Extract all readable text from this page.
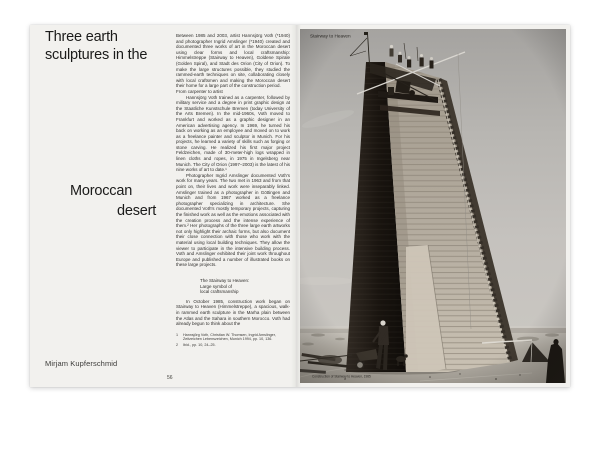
Three earth
sculptures in the
Moroccan
desert

Between 1985 and 2003, artist Hannsjörg Voth (*1940) and photographer Ingrid Amslinger (*1940) created and documented three works of art in the Moroccan desert using clear forms and local craftsmanship: Himmelstreppe (Stairway to Heaven), Goldene Spirale (Golden Spiral), and Stadt des Orion (City of Orion). To make the large structures possible, they studied the rammed-earth techniques on site, collaborating closely with local craftsmen and making the Moroccan desert their home for a large part of the construction period.

From carpenter to artist

Hannsjörg Voth trained as a carpenter, followed by military service and a degree in print graphic design at the Staatliche Kunstschule Bremen (today University of the Arts Bremen). In the mid-1960s, Voth moved to Frankfurt and worked as a graphic designer in an American advertising agency. In 1969, he turned his back on working as an employee and moved on to work as a freelance painter and sculptor in Munich. For his projects, he learned a variety of skills such as forging or stone carving. He realized his first major project Feldzeichen, made of 30-meter-high logs wrapped in linen cloths and ropes, in 1975 in Ingelsberg near Munich. The City of Orion (1997–2003) is the latest of his nine works of art to date.¹

Photographer Ingrid Amslinger documented Voth's work for many years. The two met in 1963 and from that point on, their lives and work were inseparably linked. Amslinger trained as a photographer in Göttingen and Munich and from 1967 worked as a freelance photographer specializing in architecture. She documented Voth's mostly temporary projects, capturing the finished work as well as the emotions associated with the creation process and the intense experience of them.² Her photographs of the three large earth artworks not only highlight their archaic forms, but also document their close connection with those who work with the material using local building techniques. They allow the viewer to participate in the intensive building process. Voth and Amslinger exhibited their joint work throughout Europe and published a number of illustrated books on these large projects.

The Stairway to Heaven:
Large symbol of
local craftsmanship

In October 1985, construction work began on Stairway to Heaven (Himmelstreppe), a spacious, walk-in rammed earth sculpture in the Marha plain between the Atlas and the Sahara in southern Morocco. Voth had already begun to think about the

1	Hannsjörg Voth, Christian W. Thomsen, Ingrid Amslinger, Zeitzeichen Lebenszeichen, Munich 1994, pp. 10, 136.
2	Ibid., pp. 10, 24–25.
Mirjam Kupferschmid
56
Stairway to Heaven
Construction of Stairway to Heaven, 1985
